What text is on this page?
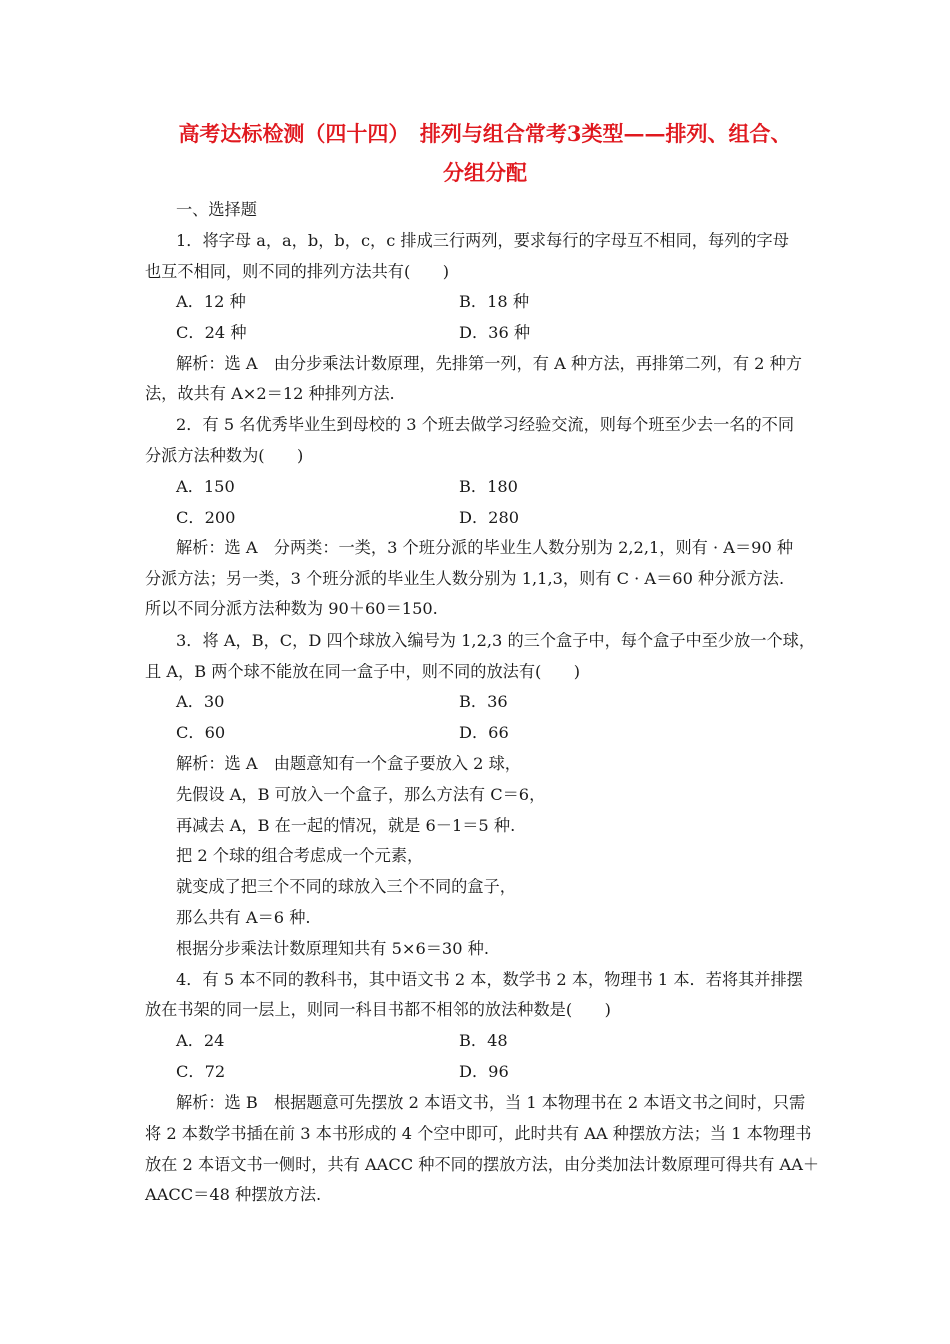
高考达标检测（四十四）　排列与组合常考3类型——排列、组合、
分组分配
一、选择题
1．将字母 a，a，b，b，c，c 排成三行两列，要求每行的字母互不相同，每列的字母
也互不相同，则不同的排列方法共有(　　)
A．12 种	B．18 种
C．24 种	D．36 种
解析：选 A　由分步乘法计数原理，先排第一列，有 A 种方法，再排第二列，有 2 种方
法，故共有 A×2＝12 种排列方法.
2．有 5 名优秀毕业生到母校的 3 个班去做学习经验交流，则每个班至少去一名的不同
分派方法种数为(　　)
A．150	B．180
C．200	D．280
解析：选 A　分两类：一类，3 个班分派的毕业生人数分别为 2,2,1，则有 · A＝90 种
分派方法；另一类，3 个班分派的毕业生人数分别为 1,1,3，则有 C · A＝60 种分派方法.
所以不同分派方法种数为 90＋60＝150.
3．将 A，B，C，D 四个球放入编号为 1,2,3 的三个盒子中，每个盒子中至少放一个球，
且 A，B 两个球不能放在同一盒子中，则不同的放法有(　　)
A．30	B．36
C．60	D．66
解析：选 A　由题意知有一个盒子要放入 2 球，
先假设 A，B 可放入一个盒子，那么方法有 C＝6，
再减去 A，B 在一起的情况，就是 6－1＝5 种.
把 2 个球的组合考虑成一个元素，
就变成了把三个不同的球放入三个不同的盒子，
那么共有 A＝6 种.
根据分步乘法计数原理知共有 5×6＝30 种.
4．有 5 本不同的教科书，其中语文书 2 本，数学书 2 本，物理书 1 本．若将其并排摆
放在书架的同一层上，则同一科目书都不相邻的放法种数是(　　)
A．24	B．48
C．72	D．96
解析：选 B　根据题意可先摆放 2 本语文书，当 1 本物理书在 2 本语文书之间时，只需
将 2 本数学书插在前 3 本书形成的 4 个空中即可，此时共有 AA 种摆放方法；当 1 本物理书
放在 2 本语文书一侧时，共有 AACC 种不同的摆放方法，由分类加法计数原理可得共有 AA＋
AACC＝48 种摆放方法.
